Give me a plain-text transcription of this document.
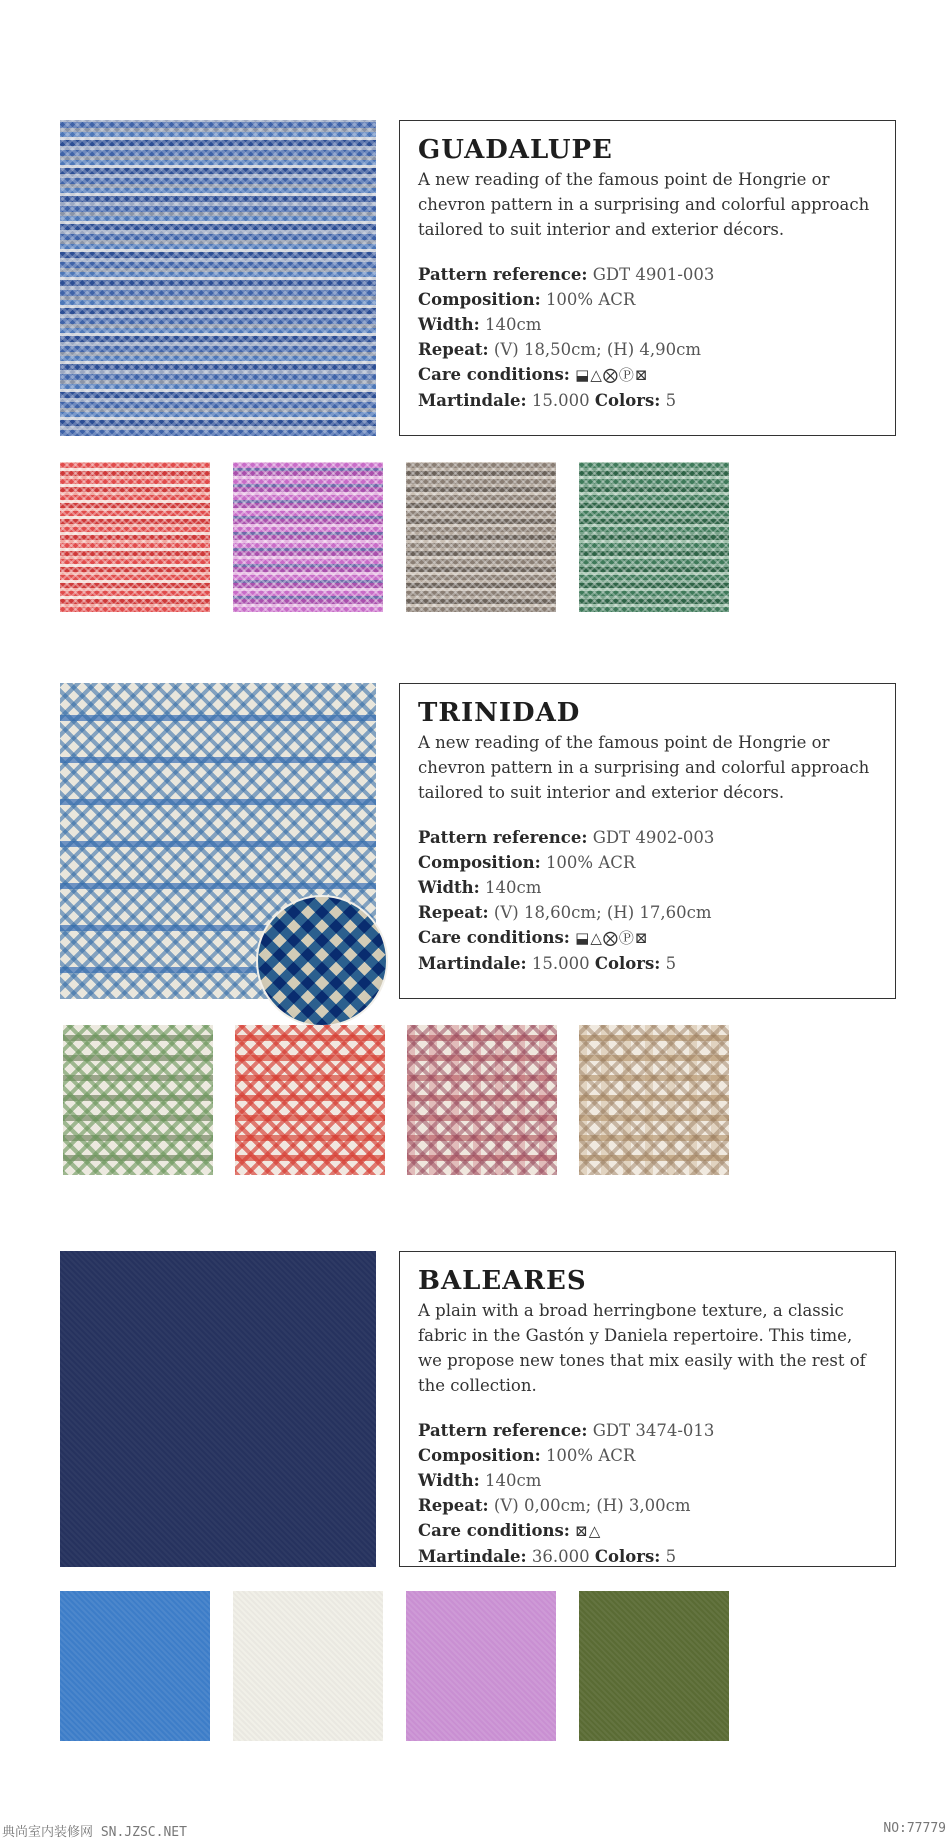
GUADALUPE

A new reading of the famous point de Hongrie or chevron pattern in a surprising and colorful approach tailored to suit interior and exterior décors.

Pattern reference: GDT 4901-003
Composition: 100% ACR
Width: 140cm
Repeat: (V) 18,50cm; (H) 4,90cm
Care conditions: ⬓△⨂Ⓟ⊠
Martindale: 15.000 Colors: 5
TRINIDAD

A new reading of the famous point de Hongrie or chevron pattern in a surprising and colorful approach tailored to suit interior and exterior décors.

Pattern reference: GDT 4902-003
Composition: 100% ACR
Width: 140cm
Repeat: (V) 18,60cm; (H) 17,60cm
Care conditions: ⬓△⨂Ⓟ⊠
Martindale: 15.000 Colors: 5
BALEARES

A plain with a broad herringbone texture, a classic fabric in the Gastón y Daniela repertoire. This time, we propose new tones that mix easily with the rest of the collection.

Pattern reference: GDT 3474-013
Composition: 100% ACR
Width: 140cm
Repeat: (V) 0,00cm; (H) 3,00cm
Care conditions: ⊠△
Martindale: 36.000 Colors: 5
典尚室内装修网 SN.JZSC.NET	NO:77779
